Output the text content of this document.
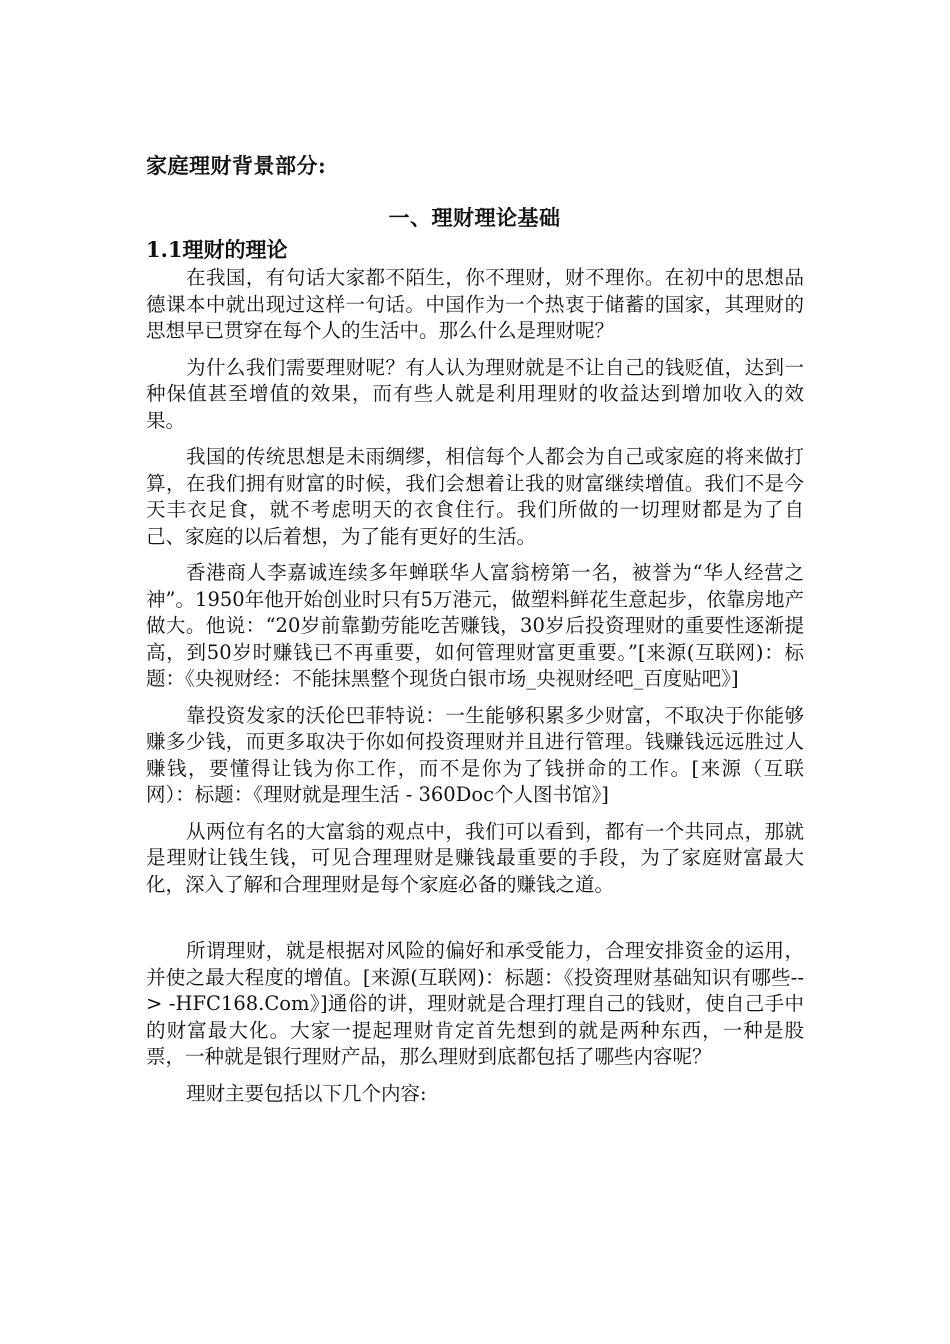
家庭理财背景部分:
一、理财理论基础
1.1理财的理论

在我国，有句话大家都不陌生，你不理财，财不理你。在初中的思想品德课本中就出现过这样一句话。中国作为一个热衷于储蓄的国家，其理财的思想早已贯穿在每个人的生活中。那么什么是理财呢？

为什么我们需要理财呢？有人认为理财就是不让自己的钱贬值，达到一种保值甚至增值的效果，而有些人就是利用理财的收益达到增加收入的效果。

我国的传统思想是未雨绸缪，相信每个人都会为自己或家庭的将来做打算，在我们拥有财富的时候，我们会想着让我的财富继续增值。我们不是今天丰衣足食，就不考虑明天的衣食住行。我们所做的一切理财都是为了自己、家庭的以后着想，为了能有更好的生活。

香港商人李嘉诚连续多年蝉联华人富翁榜第一名，被誉为“华人经营之神”。1950年他开始创业时只有5万港元，做塑料鲜花生意起步，依靠房地产做大。他说：“20岁前靠勤劳能吃苦赚钱，30岁后投资理财的重要性逐渐提高，到50岁时赚钱已不再重要，如何管理财富更重要。”[来源(互联网)：标题：《央视财经：不能抹黑整个现货白银市场_央视财经吧_百度贴吧》]

靠投资发家的沃伦巴菲特说：一生能够积累多少财富，不取决于你能够赚多少钱，而更多取决于你如何投资理财并且进行管理。钱赚钱远远胜过人赚钱，要懂得让钱为你工作，而不是你为了钱拼命的工作。[来源（互联网）：标题：《理财就是理生活 - 360Doc个人图书馆》]

从两位有名的大富翁的观点中，我们可以看到，都有一个共同点，那就是理财让钱生钱，可见合理理财是赚钱最重要的手段，为了家庭财富最大化，深入了解和合理理财是每个家庭必备的赚钱之道。

所谓理财，就是根据对风险的偏好和承受能力，合理安排资金的运用，并使之最大程度的增值。[来源(互联网)：标题：《投资理财基础知识有哪些--> -HFC168.Com》]通俗的讲，理财就是合理打理自己的钱财，使自己手中的财富最大化。大家一提起理财肯定首先想到的就是两种东西，一种是股票，一种就是银行理财产品，那么理财到底都包括了哪些内容呢？

理财主要包括以下几个内容:
